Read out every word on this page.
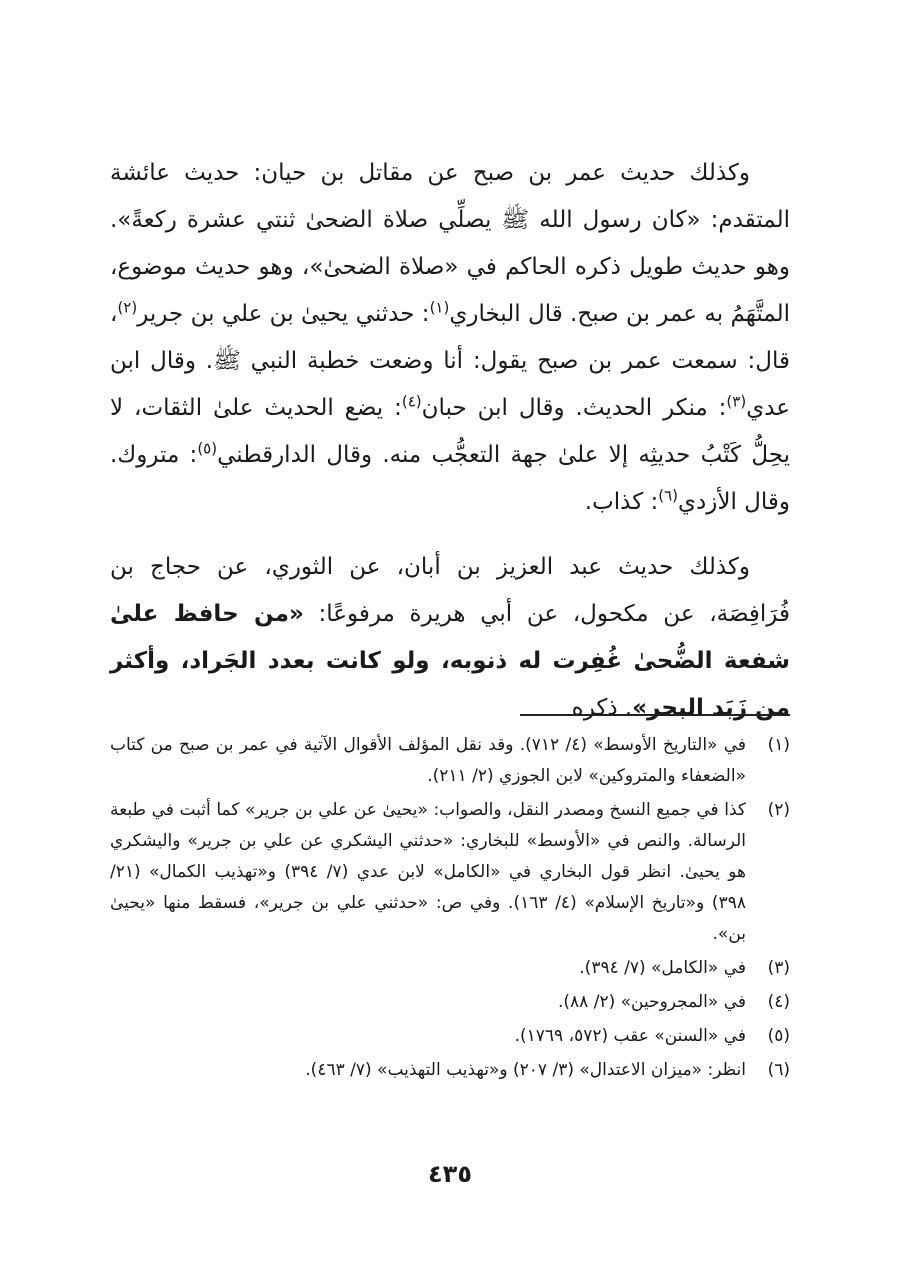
وكذلك حديث عمر بن صبح عن مقاتل بن حيان: حديث عائشة المتقدم: «كان رسول الله ﷺ يصلِّي صلاة الضحىٰ ثنتي عشرة ركعةً». وهو حديث طويل ذكره الحاكم في «صلاة الضحىٰ»، وهو حديث موضوع، المتَّهَمُ به عمر بن صبح. قال البخاري$^{(١)}$: حدثني يحيىٰ بن علي بن جرير$^{(٢)}$، قال: سمعت عمر بن صبح يقول: أنا وضعت خطبة النبي ﷺ. وقال ابن عدي$^{(٣)}$: منكر الحديث. وقال ابن حبان$^{(٤)}$: يضع الحديث علىٰ الثقات، لا يحِلُّ كَتْبُ حديثِه إلا علىٰ جهة التعجُّب منه. وقال الدارقطني$^{(٥)}$: متروك. وقال الأزدي$^{(٦)}$: كذاب.

وكذلك حديث عبد العزيز بن أبان، عن الثوري، عن حجاج بن فُرَافِصَة، عن مكحول، عن أبي هريرة مرفوعًا: «من حافظ علىٰ شفعة الضُّحىٰ غُفِرت له ذنوبه، ولو كانت بعدد الجَراد، وأكثر من زَبَد البحر». ذكره

(١)
في «التاريخ الأوسط» (٤/ ٧١٢). وقد نقل المؤلف الأقوال الآتية في عمر بن صبح من كتاب «الضعفاء والمتروكين» لابن الجوزي (٢/ ٢١١).
(٢)
كذا في جميع النسخ ومصدر النقل، والصواب: «يحيىٰ عن علي بن جرير» كما أثبت في طبعة الرسالة. والنص في «الأوسط» للبخاري: «حدثني اليشكري عن علي بن جرير» واليشكري هو يحيىٰ. انظر قول البخاري في «الكامل» لابن عدي (٧/ ٣٩٤) و«تهذيب الكمال» (٢١/ ٣٩٨) و«تاريخ الإسلام» (٤/ ١٦٣). وفي ص: «حدثني علي بن جرير»، فسقط منها «يحيىٰ بن».
(٣)
في «الكامل» (٧/ ٣٩٤).
(٤)
في «المجروحين» (٢/ ٨٨).
(٥)
في «السنن» عقب (٥٧٢، ١٧٦٩).
(٦)
انظر: «ميزان الاعتدال» (٣/ ٢٠٧) و«تهذيب التهذيب» (٧/ ٤٦٣).
٤٣٥
